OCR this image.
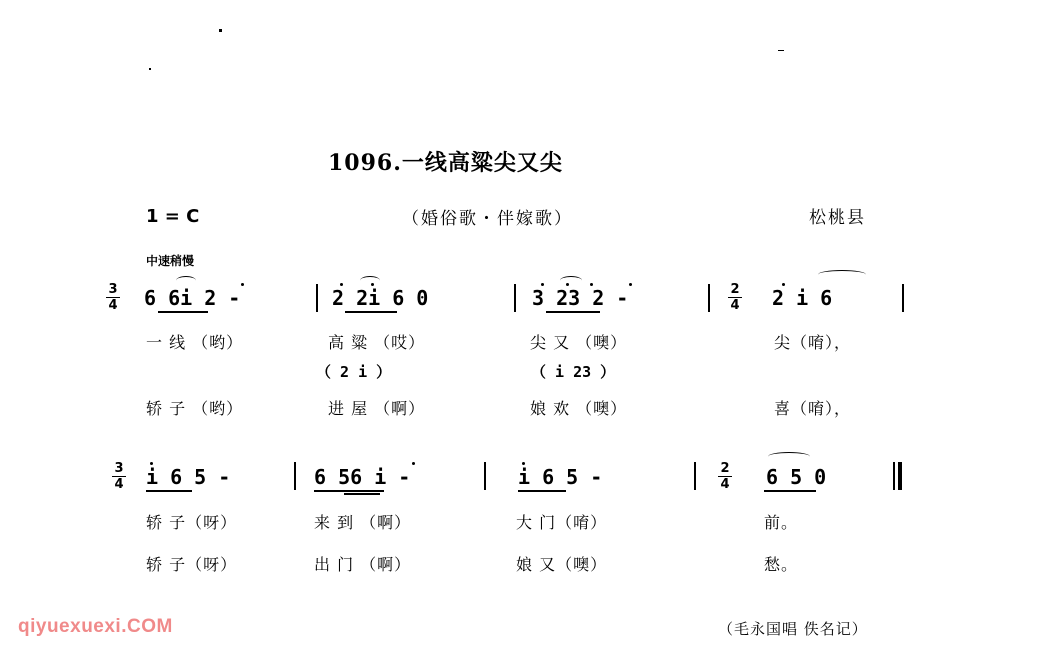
1096.一线高粱尖又尖
1 = C	（婚俗歌・伴嫁歌）	松桃县
中速稍慢
3
4 6 6i 2 -	2 2i 6 0	3 23 2 -	2
4 2 i 6
一 线 （哟）	高 粱 （哎）	尖 又 （噢）	尖（唷），
（ 2 i ）	（ i 23 ）
轿 子 （哟）	进 屋 （啊）	娘 欢 （噢）	喜（唷），
3
4 i 6 5 -	6 56 i -	i 6 5 -	2
4 6 5 0
轿 子（呀）	来 到 （啊）	大 门（唷）	前。
轿 子（呀）	出 门 （啊）	娘 又（噢）	愁。
（毛永国唱 佚名记）
qiyuexuexi.COM
